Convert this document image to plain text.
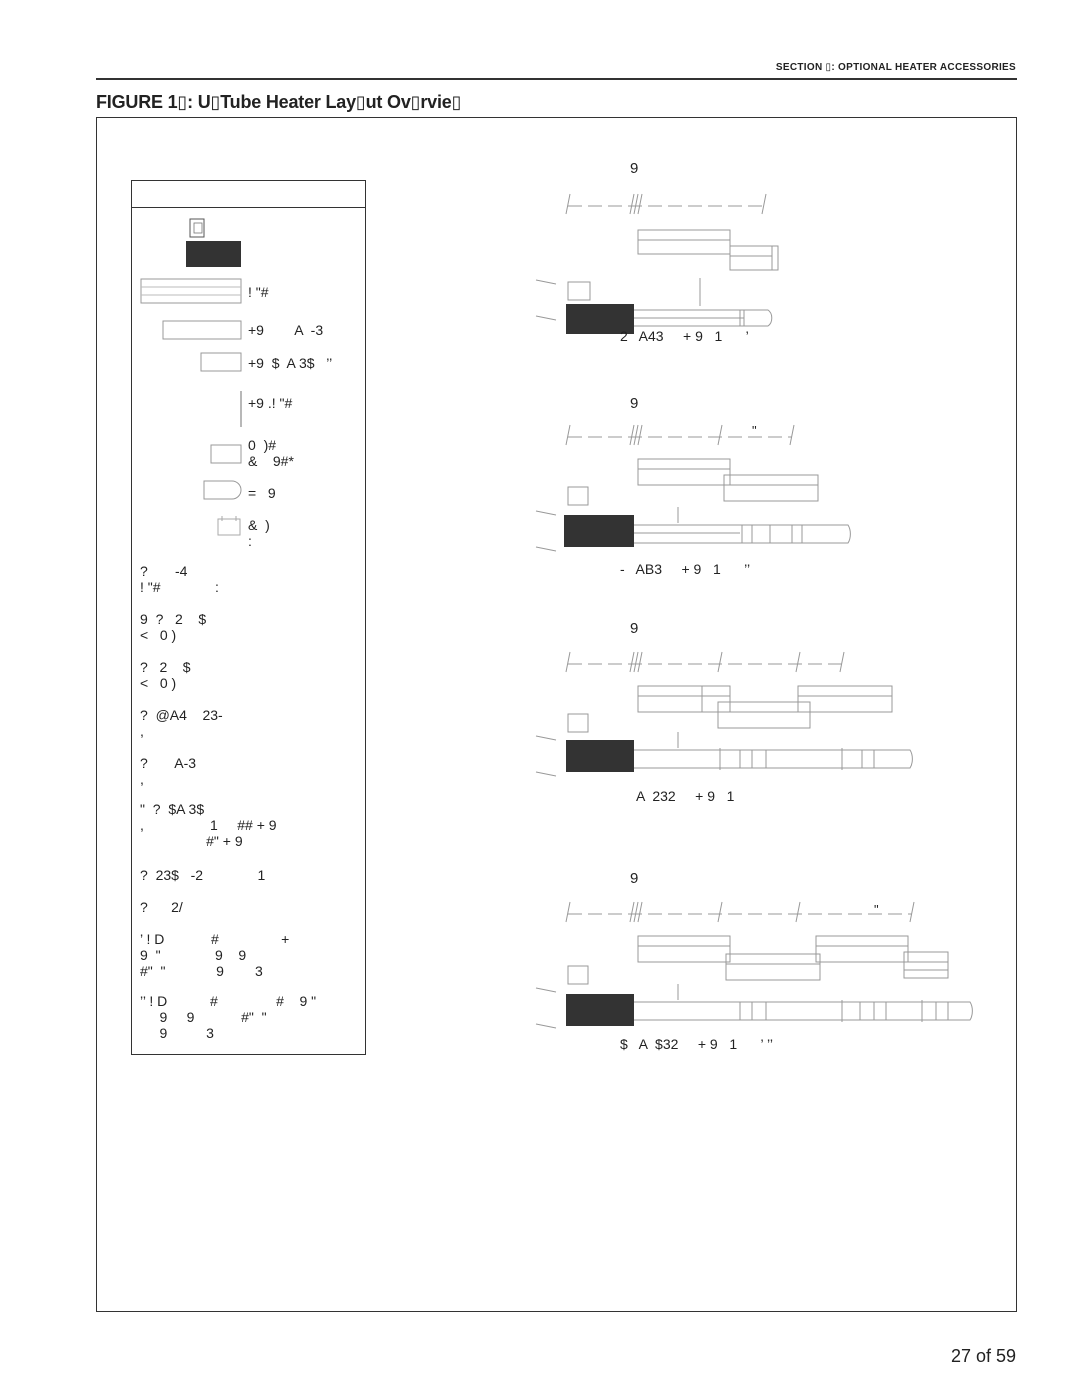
SECTION ▯: OPTIONAL HEATER ACCESSORIES
FIGURE 1▯: U▯Tube Heater Lay▯ut Ov▯rvie▯
! "#
+9        A  -3
+9  $  A 3$   ’’
+9 .! "#
0  )#
&    9#*
=   9
&  )
:
?       -4
! "#              :
9  ?   2    $
<   0 )
?   2    $
<   0 )
?  @A4    23-
,
?       A-3
,
"  ?  $A 3$
,                 1     ## + 9
#" + 9
?  23$   -2              1
?      2/
’ ! D            #                +
9  "              9    9
#"  "             9        3
’’ ! D           #               #    9 "
9     9            #"  "
9          3
9
2   A43     + 9   1      ’
9
"
-   AB3     + 9   1      ’’
9
A  232     + 9   1
9
"
$   A  $32     + 9   1      ’ ’’
27 of 59
